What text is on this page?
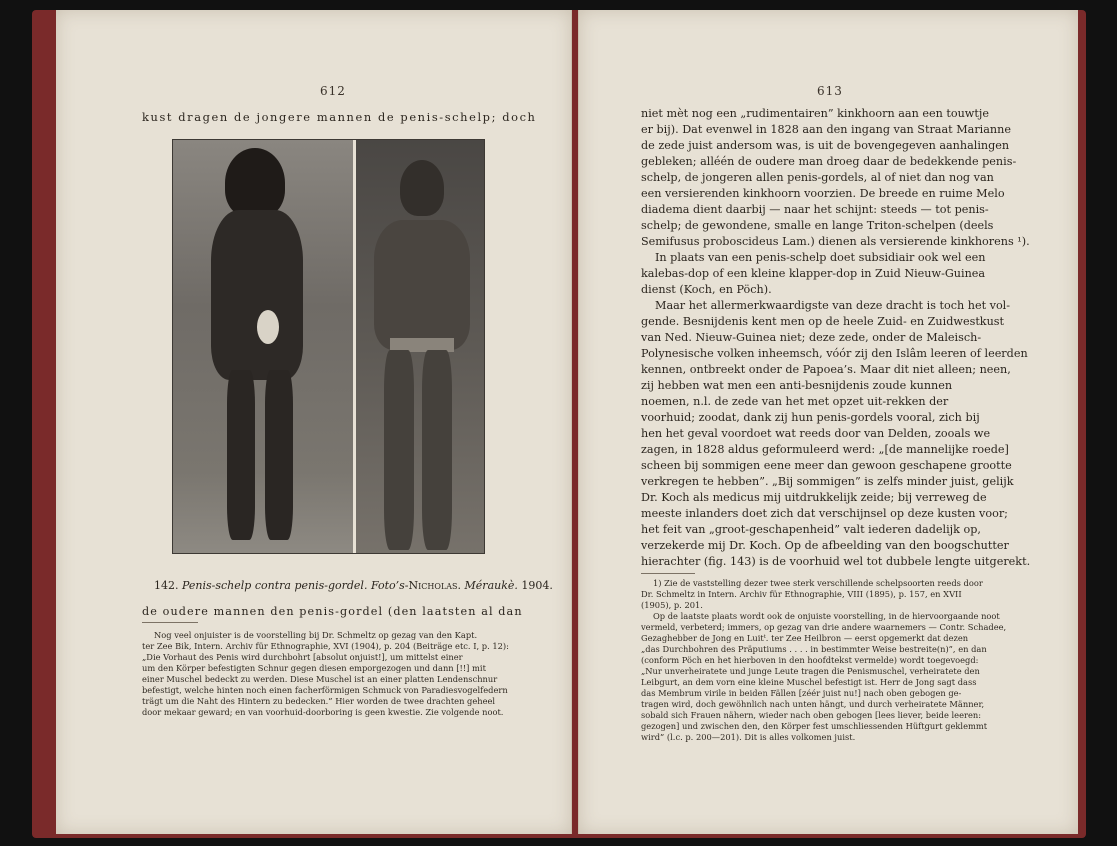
612
kust dragen de jongere mannen de penis-schelp; doch
142. Penis-schelp contra penis-gordel. Foto’s-Nicholas. Méraukè. 1904.
de oudere mannen den penis-gordel (den laatsten al dan
Nog veel onjuister is de voorstelling bij Dr. Schmeltz op gezag van den Kapt.
ter Zee Bik, Intern. Archiv für Ethnographie, XVI (1904), p. 204 (Beiträge etc. I, p. 12):
„Die Vorhaut des Penis wird durchbohrt [absolut onjuist!], um mittelst einer
um den Körper befestigten Schnur gegen diesen emporgezogen und dann [!!] mit
einer Muschel bedeckt zu werden. Diese Muschel ist an einer platten Lendenschnur
befestigt, welche hinten noch einen facherförmigen Schmuck von Paradiesvogelfedern
trägt um die Naht des Hintern zu bedecken.” Hier worden de twee drachten geheel
door mekaar geward; en van voorhuid-doorboring is geen kwestie. Zie volgende noot.
613
niet mèt nog een „rudimentairen” kinkhoorn aan een touwtje
er bij). Dat evenwel in 1828 aan den ingang van Straat Marianne
de zede juist andersom was, is uit de bovengegeven aanhalingen
gebleken; alléén de oudere man droeg daar de bedekkende penis-
schelp, de jongeren allen penis-gordels, al of niet dan nog van
een versierenden kinkhoorn voorzien. De breede en ruime Melo
diadema dient daarbij — naar het schijnt: steeds — tot penis-
schelp; de gewondene, smalle en lange Triton-schelpen (deels
Semifusus proboscideus Lam.) dienen als versierende kinkhorens ¹).
In plaats van een penis-schelp doet subsidiair ook wel een
kalebas-dop of een kleine klapper-dop in Zuid Nieuw-Guinea
dienst (Koch, en Pöch).
Maar het allermerkwaardigste van deze dracht is toch het vol-
gende. Besnijdenis kent men op de heele Zuid- en Zuidwestkust
van Ned. Nieuw-Guinea niet; deze zede, onder de Maleisch-
Polynesische volken inheemsch, vóór zij den Islâm leeren of leerden
kennen, ontbreekt onder de Papoea’s. Maar dit niet alleen; neen,
zij hebben wat men een anti-besnijdenis zoude kunnen
noemen, n.l. de zede van het met opzet uit-rekken der
voorhuid; zoodat, dank zij hun penis-gordels vooral, zich bij
hen het geval voordoet wat reeds door van Delden, zooals we
zagen, in 1828 aldus geformuleerd werd: „[de mannelijke roede]
scheen bij sommigen eene meer dan gewoon geschapene grootte
verkregen te hebben”. „Bij sommigen” is zelfs minder juist, gelijk
Dr. Koch als medicus mij uitdrukkelijk zeide; bij verreweg de
meeste inlanders doet zich dat verschijnsel op deze kusten voor;
het feit van „groot-geschapenheid” valt iederen dadelijk op,
verzekerde mij Dr. Koch. Op de afbeelding van den boogschutter
hierachter (fig. 143) is de voorhuid wel tot dubbele lengte uitgerekt.
1) Zie de vaststelling dezer twee sterk verschillende schelpsoorten reeds door
Dr. Schmeltz in Intern. Archiv für Ethnographie, VIII (1895), p. 157, en XVII
(1905), p. 201.
Op de laatste plaats wordt ook de onjuiste voorstelling, in de hiervoorgaande noot
vermeld, verbeterd; immers, op gezag van drie andere waarnemers — Contr. Schadee,
Gezaghebber de Jong en Luitᵗ. ter Zee Heilbron — eerst opgemerkt dat dezen
„das Durchbohren des Präputiums . . . . in bestimmter Weise bestreite(n)”, en dan
(conform Pöch en het hierboven in den hoofdtekst vermelde) wordt toegevoegd:
„Nur unverheiratete und junge Leute tragen die Penismuschel, verheiratete den
Leibgurt, an dem vorn eine kleine Muschel befestigt ist. Herr de Jong sagt dass
das Membrum virile in beiden Fällen [zéér juist nu!] nach oben gebogen ge-
tragen wird, doch gewöhnlich nach unten hängt, und durch verheiratete Männer,
sobald sich Frauen nähern, wieder nach oben gebogen [lees liever, beide leeren:
gezogen] und zwischen den, den Körper fest umschliessenden Hüftgurt geklemmt
wird” (l.c. p. 200—201). Dit is alles volkomen juist.
